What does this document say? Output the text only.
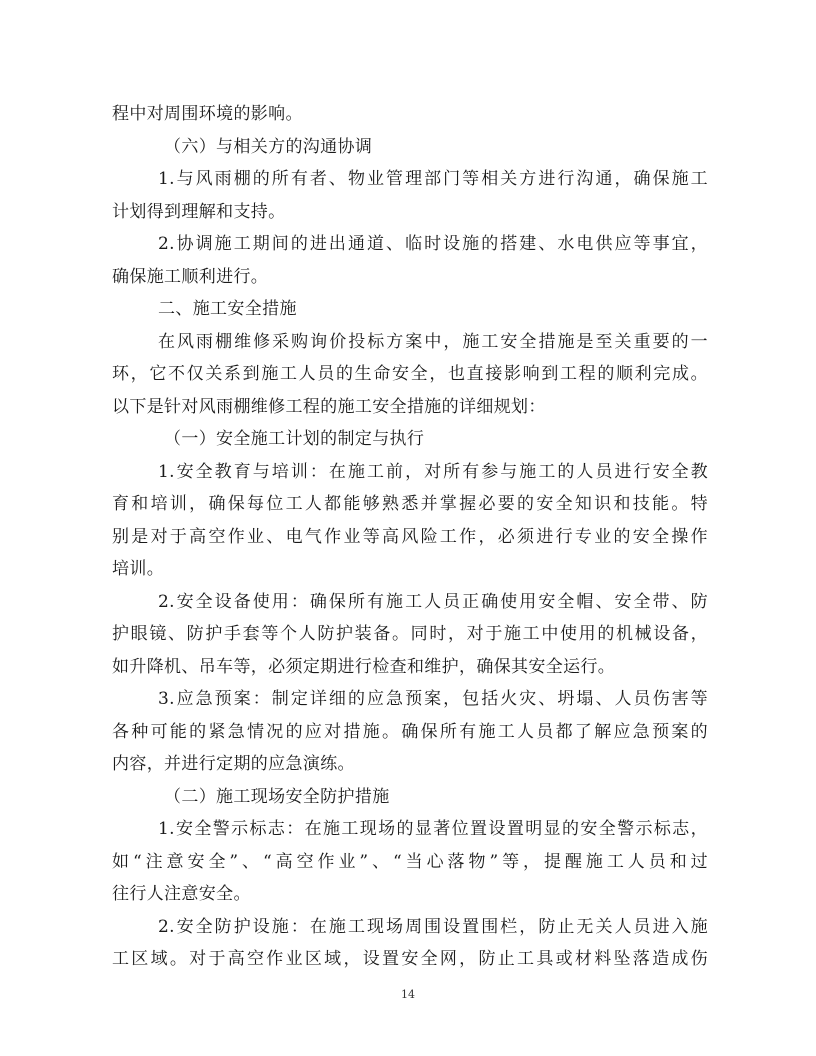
程中对周围环境的影响。
（六）与相关方的沟通协调
1.与风雨棚的所有者、物业管理部门等相关方进行沟通，确保施工
计划得到理解和支持。
2.协调施工期间的进出通道、临时设施的搭建、水电供应等事宜，
确保施工顺利进行。
二、施工安全措施
在风雨棚维修采购询价投标方案中，施工安全措施是至关重要的一
环，它不仅关系到施工人员的生命安全，也直接影响到工程的顺利完成。
以下是针对风雨棚维修工程的施工安全措施的详细规划：
（一）安全施工计划的制定与执行
1.安全教育与培训：在施工前，对所有参与施工的人员进行安全教
育和培训，确保每位工人都能够熟悉并掌握必要的安全知识和技能。特
别是对于高空作业、电气作业等高风险工作，必须进行专业的安全操作
培训。
2.安全设备使用：确保所有施工人员正确使用安全帽、安全带、防
护眼镜、防护手套等个人防护装备。同时，对于施工中使用的机械设备，
如升降机、吊车等，必须定期进行检查和维护，确保其安全运行。
3.应急预案：制定详细的应急预案，包括火灾、坍塌、人员伤害等
各种可能的紧急情况的应对措施。确保所有施工人员都了解应急预案的
内容，并进行定期的应急演练。
（二）施工现场安全防护措施
1.安全警示标志：在施工现场的显著位置设置明显的安全警示标志，
如“注意安全”、“高空作业”、“当心落物”等，提醒施工人员和过
往行人注意安全。
2.安全防护设施：在施工现场周围设置围栏，防止无关人员进入施
工区域。对于高空作业区域，设置安全网，防止工具或材料坠落造成伤
14
